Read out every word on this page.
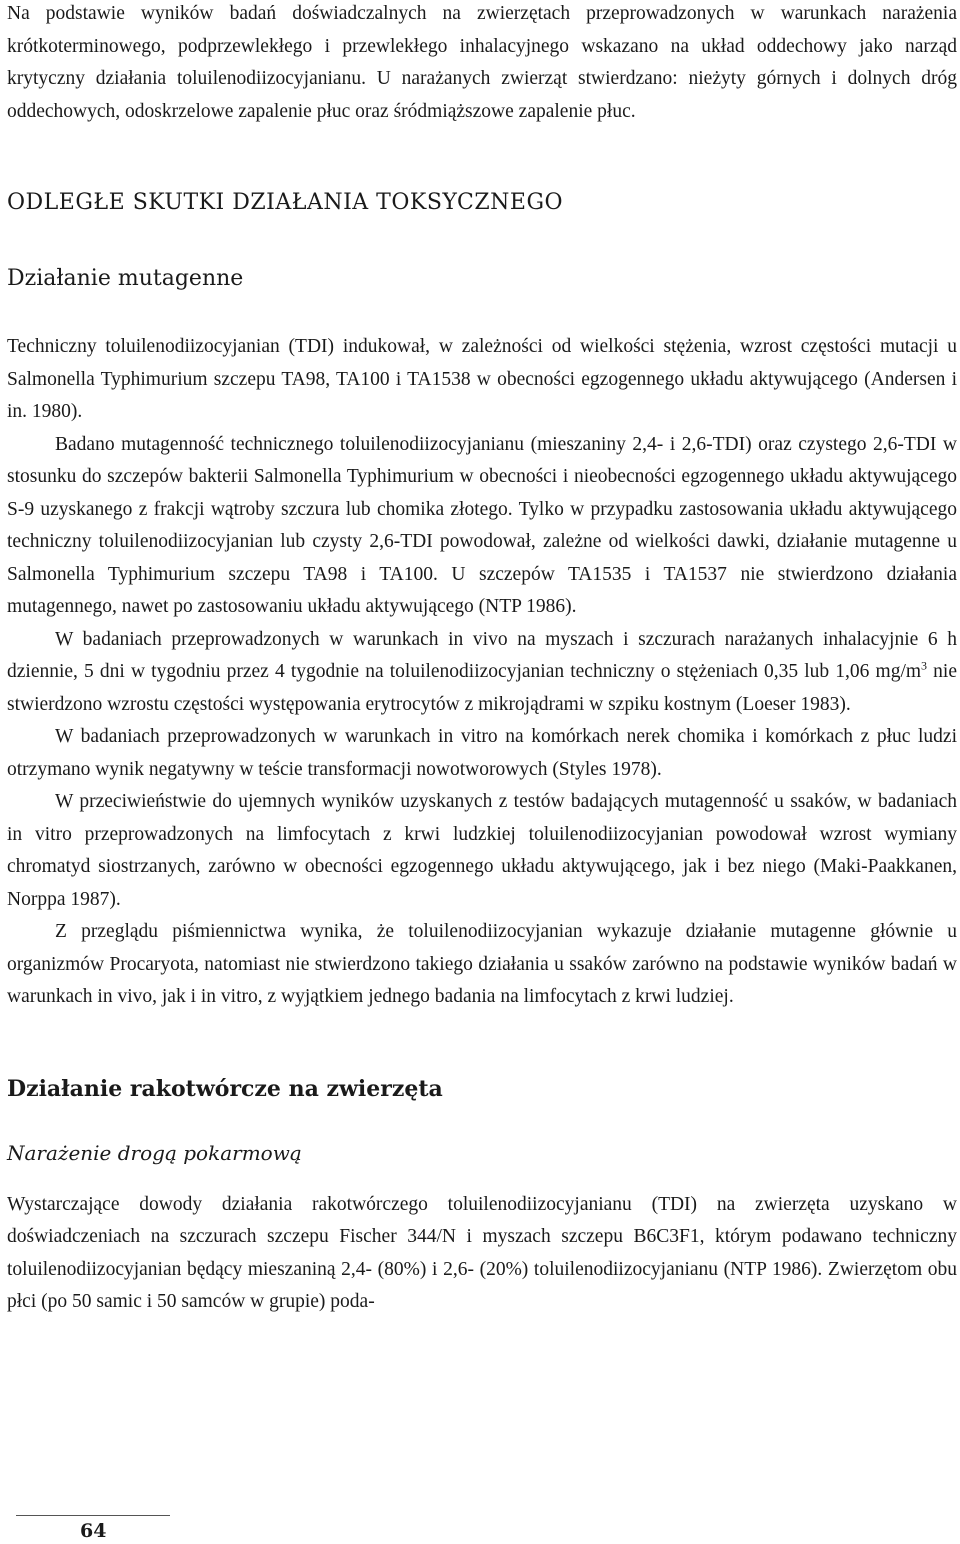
Na podstawie wyników badań doświadczalnych na zwierzętach przeprowadzonych w warunkach narażenia krótkoterminowego, podprzewlekłego i przewlekłego inhalacyjnego wskazano na układ oddechowy jako narząd krytyczny działania toluilenodiizocyjanianu. U narażanych zwierząt stwierdzano: nieżyty górnych i dolnych dróg oddechowych, odoskrzelowe zapalenie płuc oraz śródmiąższowe zapalenie płuc.

ODLEGŁE SKUTKI DZIAŁANIA TOKSYCZNEGO
Działanie mutagenne

Techniczny toluilenodiizocyjanian (TDI) indukował, w zależności od wielkości stężenia, wzrost częstości mutacji u Salmonella Typhimurium szczepu TA98, TA100 i TA1538 w obecności egzogennego układu aktywującego (Andersen i in. 1980).

Badano mutagenność technicznego toluilenodiizocyjanianu (mieszaniny 2,4- i 2,6-TDI) oraz czystego 2,6-TDI w stosunku do szczepów bakterii Salmonella Typhimurium w obecności i nieobecności egzogennego układu aktywującego S-9 uzyskanego z frakcji wątroby szczura lub chomika złotego. Tylko w przypadku zastosowania układu aktywującego techniczny toluilenodiizocyjanian lub czysty 2,6-TDI powodował, zależne od wielkości dawki, działanie mutagenne u Salmonella Typhimurium szczepu TA98 i TA100. U szczepów TA1535 i TA1537 nie stwierdzono działania mutagennego, nawet po zastosowaniu układu aktywującego (NTP 1986).

W badaniach przeprowadzonych w warunkach in vivo na myszach i szczurach narażanych inhalacyjnie 6 h dziennie, 5 dni w tygodniu przez 4 tygodnie na toluilenodiizocyjanian techniczny o stężeniach 0,35 lub 1,06 $mg/m^3$ nie stwierdzono wzrostu częstości występowania erytrocytów z mikrojądrami w szpiku kostnym (Loeser 1983).

W badaniach przeprowadzonych w warunkach in vitro na komórkach nerek chomika i komórkach z płuc ludzi otrzymano wynik negatywny w teście transformacji nowotworowych (Styles 1978).

W przeciwieństwie do ujemnych wyników uzyskanych z testów badających mutagenność u ssaków, w badaniach in vitro przeprowadzonych na limfocytach z krwi ludzkiej toluilenodiizocyjanian powodował wzrost wymiany chromatyd siostrzanych, zarówno w obecności egzogennego układu aktywującego, jak i bez niego (Maki-Paakkanen, Norppa 1987).

Z przeglądu piśmiennictwa wynika, że toluilenodiizocyjanian wykazuje działanie mutagenne głównie u organizmów Procaryota, natomiast nie stwierdzono takiego działania u ssaków zarówno na podstawie wyników badań w warunkach in vivo, jak i in vitro, z wyjątkiem jednego badania na limfocytach z krwi ludziej.

Działanie rakotwórcze na zwierzęta
Narażenie drogą pokarmową

Wystarczające dowody działania rakotwórczego toluilenodiizocyjanianu (TDI) na zwierzęta uzyskano w doświadczeniach na szczurach szczepu Fischer 344/N i myszach szczepu B6C3F1, którym podawano techniczny toluilenodiizocyjanian będący mieszaniną 2,4- (80%) i 2,6- (20%) toluilenodiizocyjanianu (NTP 1986). Zwierzętom obu płci (po 50 samic i 50 samców w grupie) poda-

64
